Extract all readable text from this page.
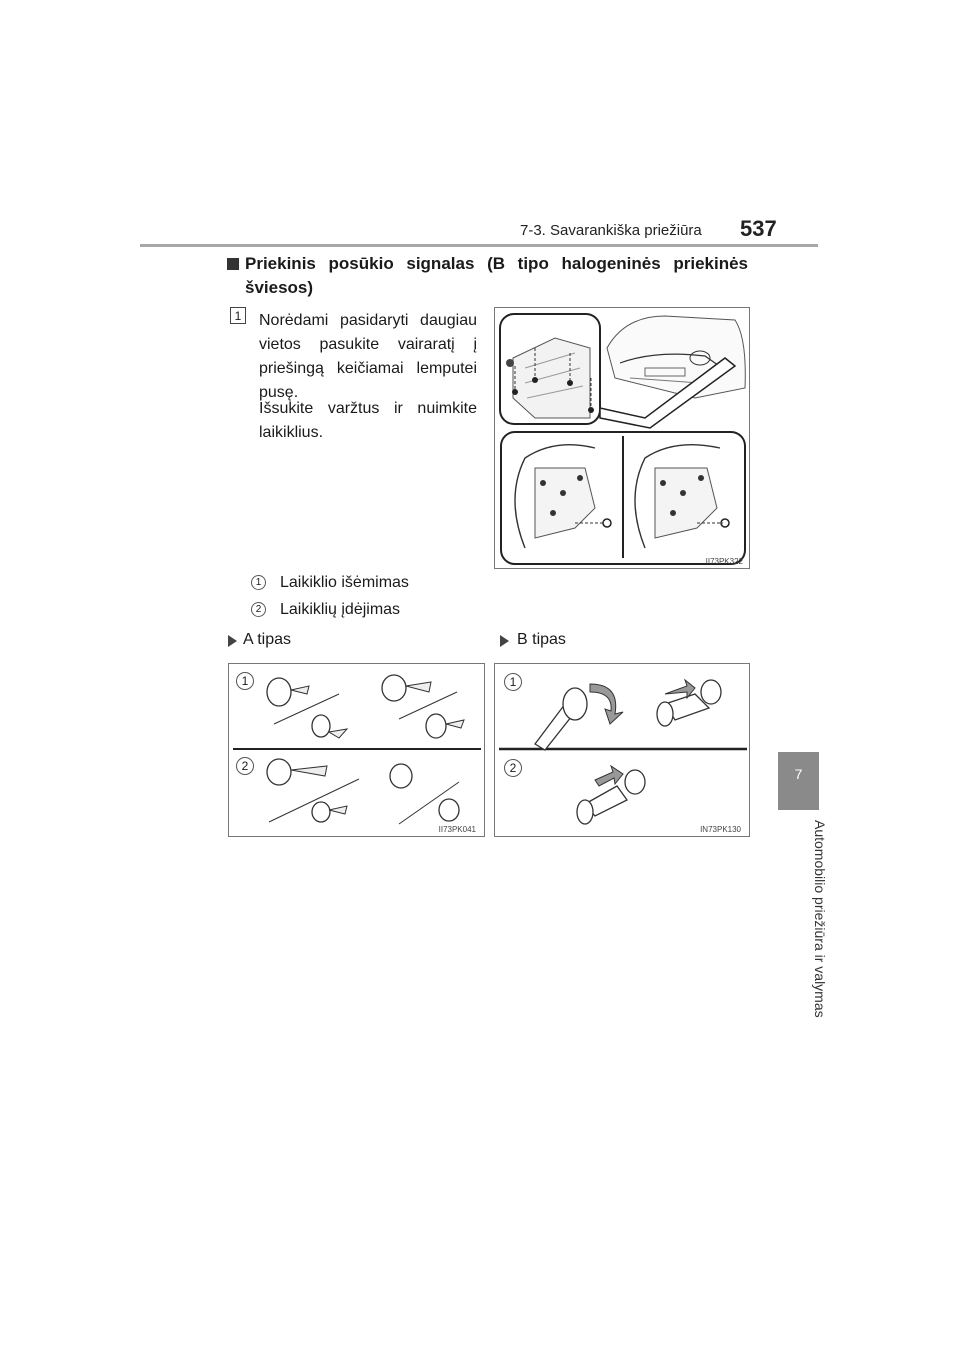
7-3. Savarankiška priežiūra 537
7
Automobilio priežiūra ir valymas
Priekinis posūkio signalas (B tipo halogeninės priekinės šviesos)
1 Norėdami pasidaryti daugiau vietos pasukite vairaratį į priešingą keičiamai lemputei pusę.
Išsukite varžtus ir nuimkite laikiklius.
II73PK322
1 Laikiklio išėmimas
2 Laikiklių įdėjimas
A tipas	B tipas
1
2
II73PK041
1
2
IN73PK130
